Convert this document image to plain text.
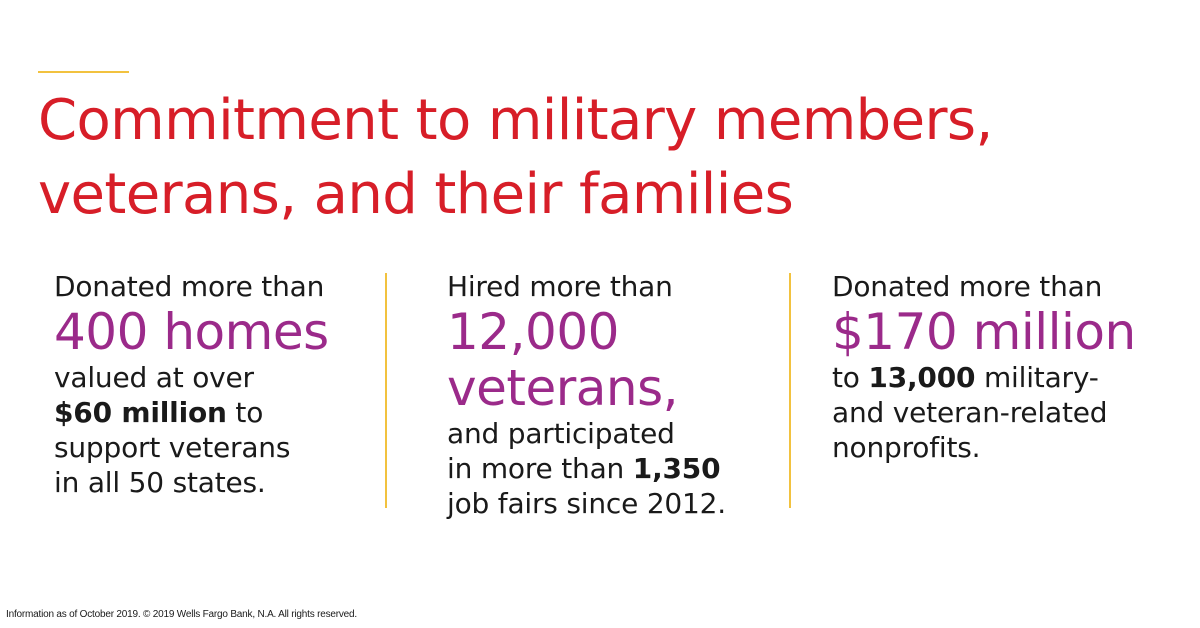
Commitment to military members,
veterans, and their families
Donated more than
400 homes
valued at over
$60 million to
support veterans
in all 50 states.
Hired more than
12,000
veterans,
and participated
in more than 1,350
job fairs since 2012.
Donated more than
$170 million
to 13,000 military-
and veteran-related
nonprofits.
Information as of October 2019. © 2019 Wells Fargo Bank, N.A. All rights reserved.
